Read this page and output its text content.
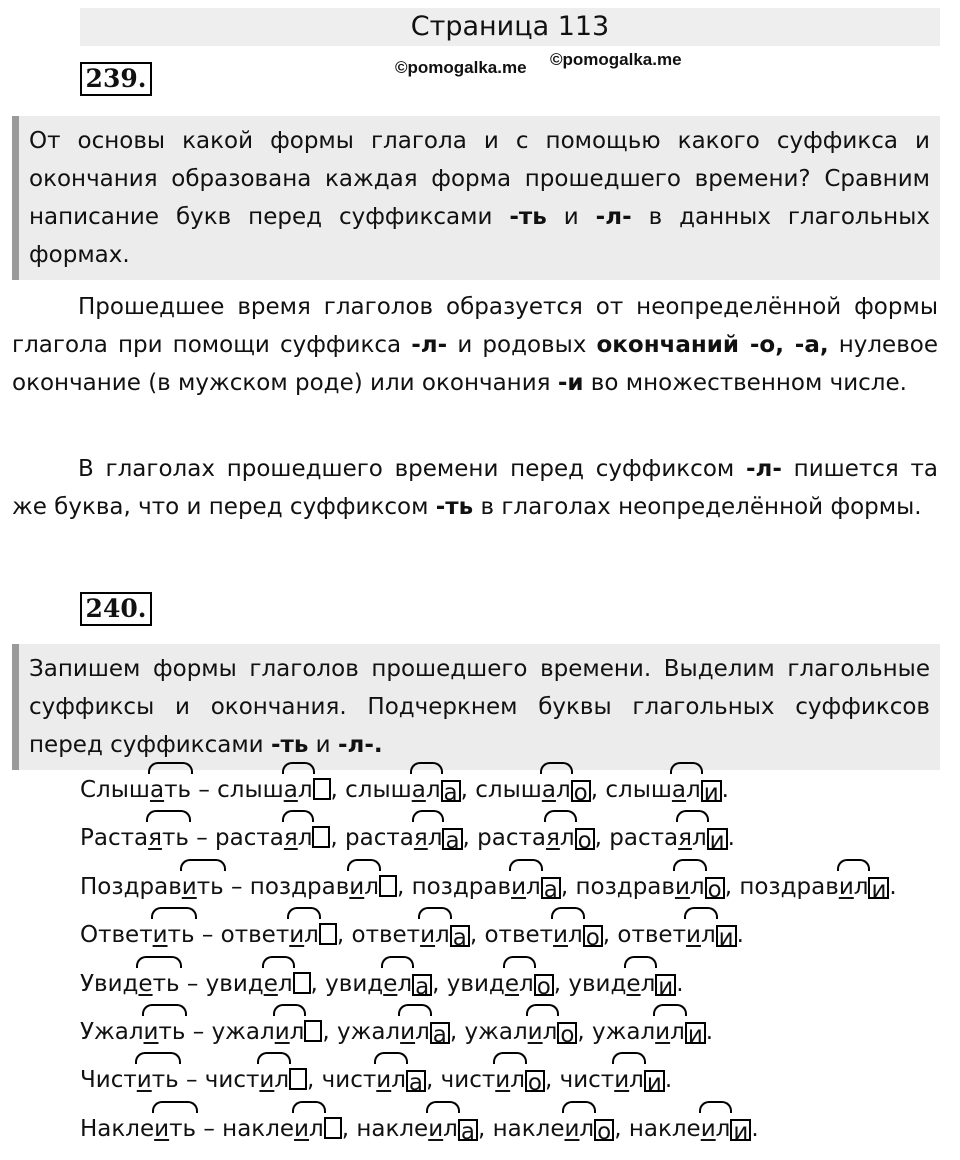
Страница 113
©pomogalka.me ©pomogalka.me
239.

От основы какой формы глагола и с помощью какого суффикса и окончания образована каждая форма прошедшего времени? Сравним написание букв перед суффиксами -ть и -л- в данных глагольных формах.

Прошедшее время глаголов образуется от неопределённой формы глагола при помощи суффикса -л- и родовых окончаний -о, -а, нулевое окончание (в мужском роде) или окончания -и во множественном числе.

В глаголах прошедшего времени перед суффиксом -л- пишется та же буква, что и перед суффиксом -ть в глаголах неопределённой формы.

240.

Запишем формы глаголов прошедшего времени. Выделим глагольные суффиксы и окончания. Подчеркнем буквы глагольных суффиксов перед суффиксами -ть и -л-.

Слышать – слышал , слышал а , слышал о , слышал и .
Растаять – растаял , растаял а , растаял о , растаял и .
Поздравить – поздравил , поздравил а , поздравил о , поздравил и .
Ответить – ответил , ответил а , ответил о , ответил и .
Увидеть – увидел , увидел а , увидел о , увидел и .
Ужалить – ужалил , ужалил а , ужалил о , ужалил и .
Чистить – чистил , чистил а , чистил о , чистил и .
Наклеить – наклеил , наклеил а , наклеил о , наклеил и .
